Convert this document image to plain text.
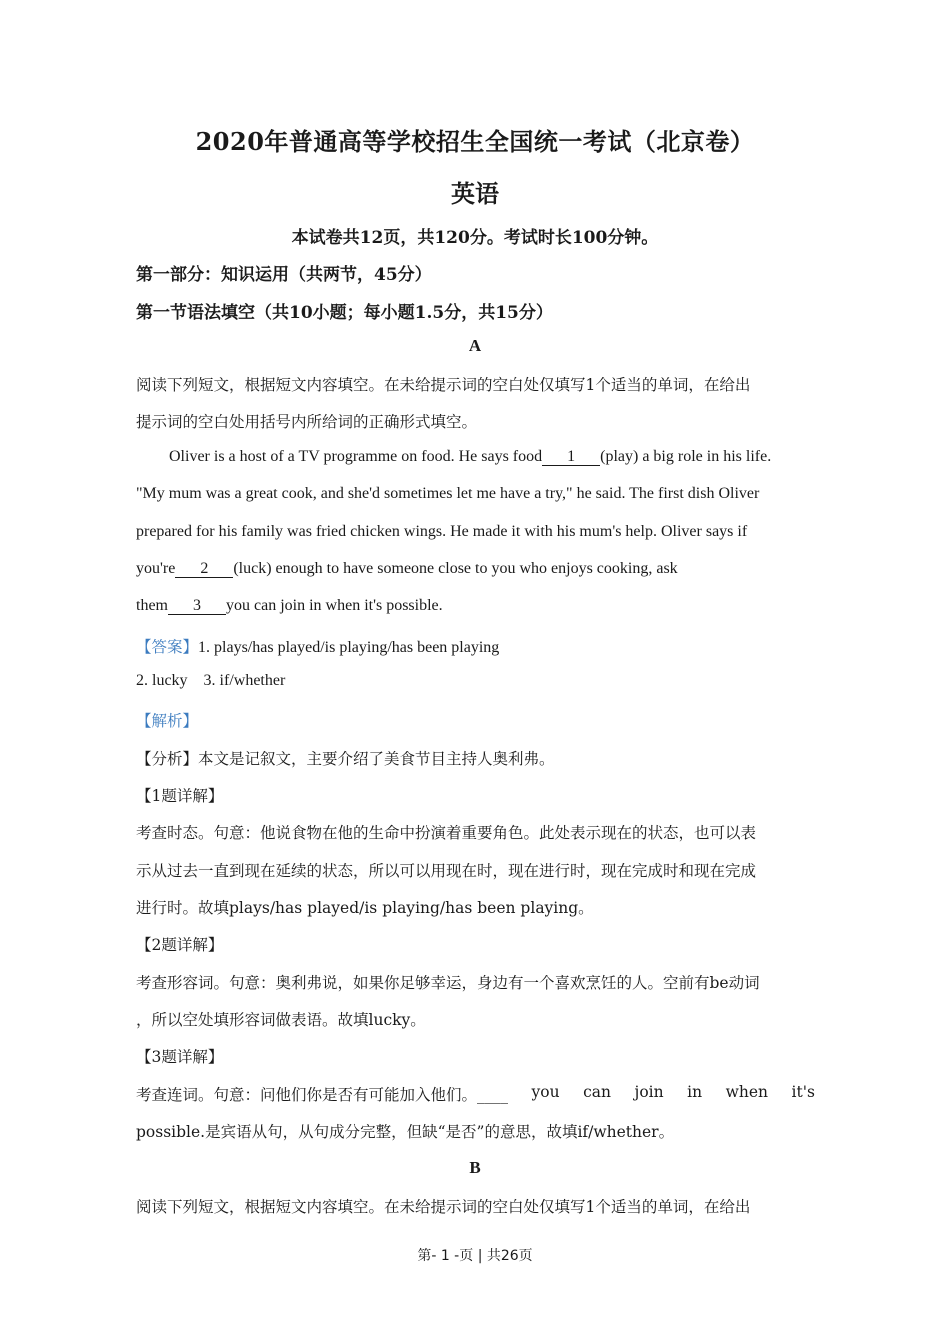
2020年普通高等学校招生全国统一考试（北京卷）
英语
本试卷共12页，共120分。考试时长100分钟。
第一部分：知识运用（共两节，45分）
第一节语法填空（共10小题；每小题1.5分，共15分）
A
阅读下列短文，根据短文内容填空。在未给提示词的空白处仅填写1个适当的单词，在给出
提示词的空白处用括号内所给词的正确形式填空。
Oliver is a host of a TV programme on food. He says food 1 (play) a big role in his life.
"My mum was a great cook, and she'd sometimes let me have a try," he said. The first dish Oliver
prepared for his family was fried chicken wings. He made it with his mum's help. Oliver says if
you're 2 (luck) enough to have someone close to you who enjoys cooking, ask
them 3 you can join in when it's possible.
【答案】1. plays/has played/is playing/has been playing
2. lucky    3. if/whether
【解析】
【分析】本文是记叙文，主要介绍了美食节目主持人奥利弗。
【1题详解】
考查时态。句意：他说食物在他的生命中扮演着重要角色。此处表示现在的状态，也可以表
示从过去一直到现在延续的状态，所以可以用现在时，现在进行时，现在完成时和现在完成
进行时。故填plays/has played/is playing/has been playing。
【2题详解】
考查形容词。句意：奥利弗说，如果你足够幸运，身边有一个喜欢烹饪的人。空前有be动词
，所以空处填形容词做表语。故填lucky。
【3题详解】
考查连词。句意：问他们你是否有可能加入他们。____ you can join in when it's
possible.是宾语从句，从句成分完整，但缺“是否”的意思，故填if/whether。
B
阅读下列短文，根据短文内容填空。在未给提示词的空白处仅填写1个适当的单词，在给出
第- 1 -页 | 共26页
